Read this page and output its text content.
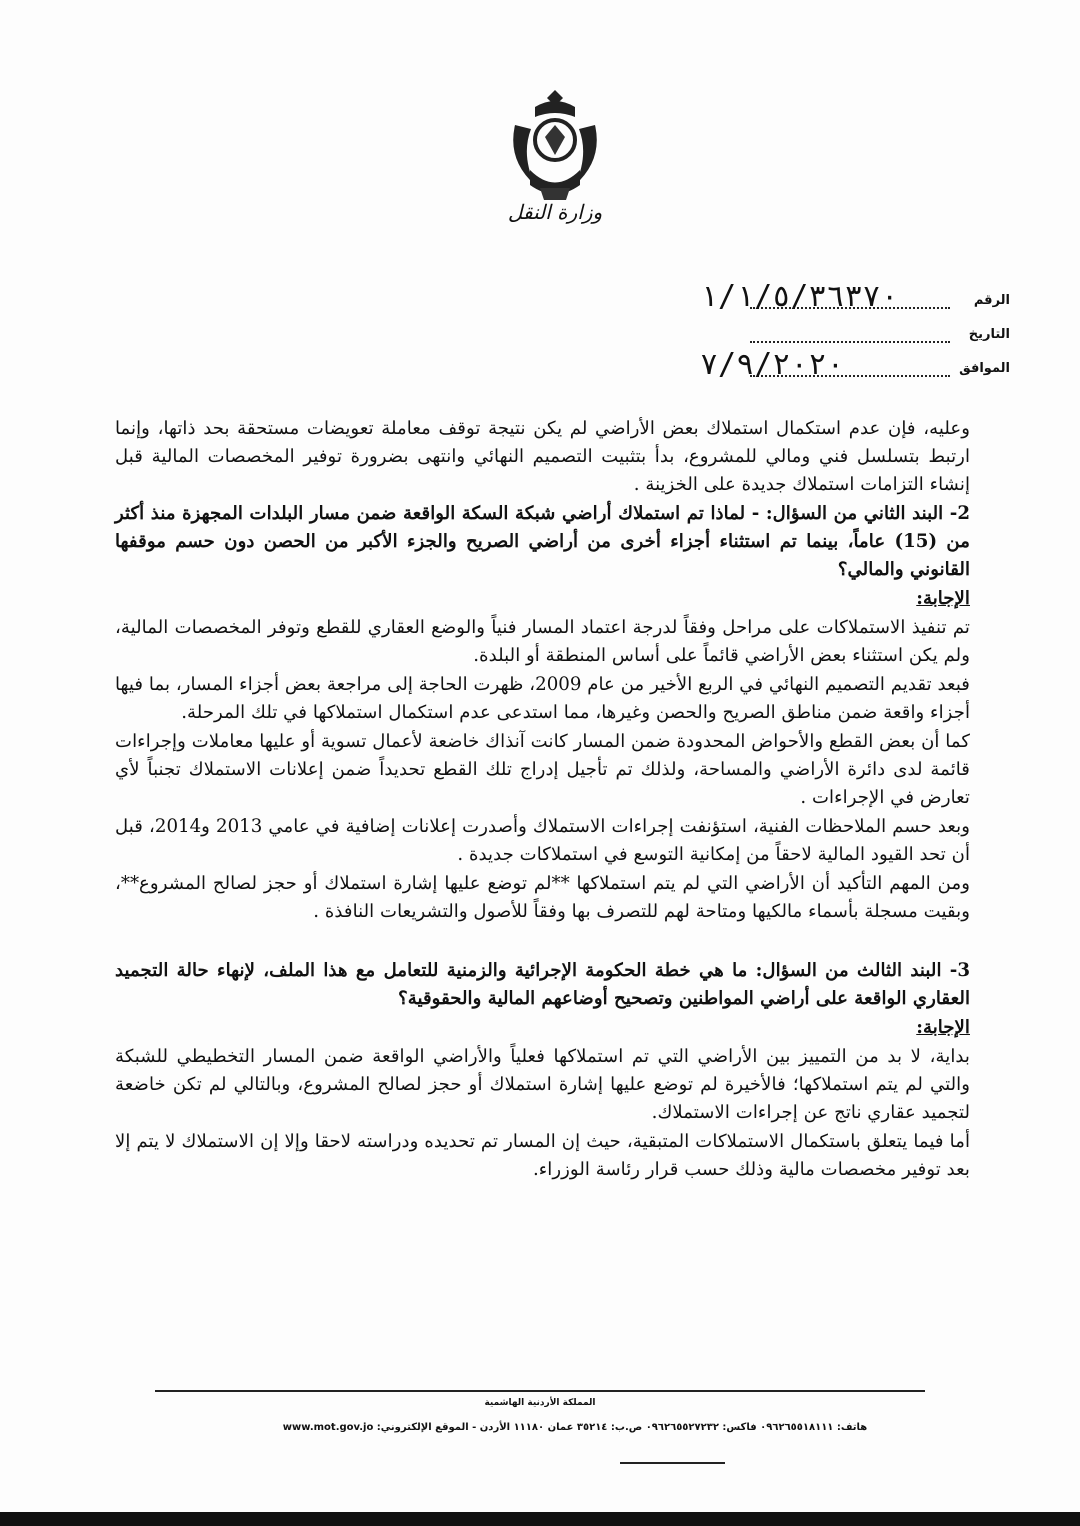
وزارة النقل
الرقم
١/١/٥/٣٦٣٧٠
التاريخ
الموافق
٧/٩/٢٠٢٠

وعليه، فإن عدم استكمال استملاك بعض الأراضي لم يكن نتيجة توقف معاملة تعويضات مستحقة بحد ذاتها، وإنما ارتبط بتسلسل فني ومالي للمشروع، بدأ بتثبيت التصميم النهائي وانتهى بضرورة توفير المخصصات المالية قبل إنشاء التزامات استملاك جديدة على الخزينة .

2- البند الثاني من السؤال: - لماذا تم استملاك أراضي شبكة السكة الواقعة ضمن مسار البلدات المجهزة منذ أكثر من (15) عاماً، بينما تم استثناء أجزاء أخرى من أراضي الصريح والجزء الأكبر من الحصن دون حسم موقفها القانوني والمالي؟

الإجابة:

تم تنفيذ الاستملاكات على مراحل وفقاً لدرجة اعتماد المسار فنياً والوضع العقاري للقطع وتوفر المخصصات المالية، ولم يكن استثناء بعض الأراضي قائماً على أساس المنطقة أو البلدة.

فبعد تقديم التصميم النهائي في الربع الأخير من عام 2009، ظهرت الحاجة إلى مراجعة بعض أجزاء المسار، بما فيها أجزاء واقعة ضمن مناطق الصريح والحصن وغيرها، مما استدعى عدم استكمال استملاكها في تلك المرحلة.

كما أن بعض القطع والأحواض المحدودة ضمن المسار كانت آنذاك خاضعة لأعمال تسوية أو عليها معاملات وإجراءات قائمة لدى دائرة الأراضي والمساحة، ولذلك تم تأجيل إدراج تلك القطع تحديداً ضمن إعلانات الاستملاك تجنباً لأي تعارض في الإجراءات .

وبعد حسم الملاحظات الفنية، استؤنفت إجراءات الاستملاك وأصدرت إعلانات إضافية في عامي 2013 و2014، قبل أن تحد القيود المالية لاحقاً من إمكانية التوسع في استملاكات جديدة .

ومن المهم التأكيد أن الأراضي التي لم يتم استملاكها **لم توضع عليها إشارة استملاك أو حجز لصالح المشروع**، وبقيت مسجلة بأسماء مالكيها ومتاحة لهم للتصرف بها وفقاً للأصول والتشريعات النافذة .

3- البند الثالث من السؤال: ما هي خطة الحكومة الإجرائية والزمنية للتعامل مع هذا الملف، لإنهاء حالة التجميد العقاري الواقعة على أراضي المواطنين وتصحيح أوضاعهم المالية والحقوقية؟

الإجابة:

بداية، لا بد من التمييز بين الأراضي التي تم استملاكها فعلياً والأراضي الواقعة ضمن المسار التخطيطي للشبكة والتي لم يتم استملاكها؛ فالأخيرة لم توضع عليها إشارة استملاك أو حجز لصالح المشروع، وبالتالي لم تكن خاضعة لتجميد عقاري ناتج عن إجراءات الاستملاك.

أما فيما يتعلق باستكمال الاستملاكات المتبقية، حيث إن المسار تم تحديده ودراسته لاحقا وإلا إن الاستملاك لا يتم إلا بعد توفير مخصصات مالية وذلك حسب قرار رئاسة الوزراء.

المملكة الأردنية الهاشمية
هاتف: ٠٩٦٢٦٥٥١٨١١١ فاكس: ٠٩٦٢٦٥٥٢٧٢٣٢ ص.ب: ٣٥٢١٤ عمان ١١١٨٠ الأردن - الموقع الإلكتروني: www.mot.gov.jo
